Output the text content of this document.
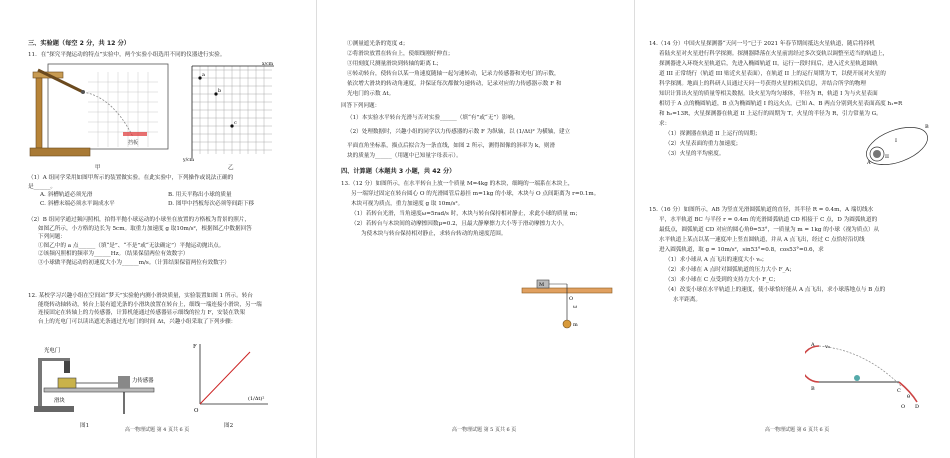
三、实验题（每空 2 分，共 12 分）
11．在“探究平抛运动的特点”实验中，两个实验小组选用不同的仪器进行实验。
挡板
甲
a
b
c
x/cm
y/cm
乙
（1）A 组同学采用如图甲所示的装置做实验。在此实验中，下列操作或说法正确的
是______。
A. 斜槽轨道必须光滑	B. 用天平称出小球的质量
C. 斜槽末端必须水平调成水平	D. 图甲中挡板每次必须等间距下移
（2）B 组同学通过频闪照相，拍得平抛小球运动的小球坐在放置的方格板为背景的照片，
如图乙所示，小方格的边长为 5cm。取重力加速度 g 取10m/s²，根据图乙中数据回答
下列问题：
①图乙中的 a 点______（填“是”、“不是”或“无法确定”）平抛运动抛出点。
②该频闪照相的频率为______Hz。（结果保留两位有效数字）
③小球做平抛运动的初速度大小为______m/s。（计算结果保留两位有效数字）
12. 某校学习兴趣小组在空间站“梦天”实验舱内测小滑块质量，实验装置如图 1 所示。转台
能绕转动轴转动，转台上装有遮光条的小滑块放置在转台上，细线一端连接小滑块，另一端
连接固定在转轴上的力传感器，计算机能通过传感器显示细线的拉力 F，安装在铁架
台上的光电门可以读出遮光条通过光电门的时间 Δt，兴趣小组采取了下列步骤：
光电门
滑块
力传感器
图1
F
O
(1/Δt)²
图2
高一物理试题 第 4 页共 6 页
①测量遮光条的宽度 d；
②将滑块放置在转台上，使细线刚好伸直；
③用刻度尺测量滑块到转轴的距离 L；
④转动转台，使转台以某一角速度随轴一起匀速转动，记录力传感器和光电门的示数，
依次增大滑块的转动角速度，并保证每次都做匀速转动，记录对应的力传感器示数 F 和
光电门的示数 Δt。
回答下列问题：
（1）本实验水平转台光滑与否对实验______（填“有”或“无”）影响。
（2）处理数据时，兴趣小组的同学以力传感器的示数 F 为纵轴，以 (1/Δt)² 为横轴，建立
平面直角坐标系，描点后拟合为一条直线，如图 2 所示，测得图像的斜率为 k，则滑
块的质量为______（用题中已知量字母表示）。
四、计算题（本题共 3 小题，共 42 分）
13.（12 分）如图所示，在水平转台上放一个质量 M=4kg 的木块，细绳的一端系在木块上，
另一端穿过固定在转台圆心 O 的光滑圆管后悬挂 m=1kg 的小球，木块与 O 点间距离为 r=0.1m。
木块可视为质点，重力加速度 g 取 10m/s²。
（1）若转台光滑，当角速度ω=5rad/s 时，木块与转台保持相对静止，求此小球的质量 m；
（2）若转台与木块间的动摩擦因数μ=0.2，且最大静摩擦力大小等于滑动摩擦力大小，
为使木块与转台保持相对静止，求转台转动的角速度范围。
M
O
ω
m
高一物理试题 第 5 页共 6 页
14.（14 分）中国火星探测器“天问一号”已于 2021 年春节期间抵达火星轨道，随后将择机
着陆火星对火星进行科学探测。探测器降落在火星前需经过多次变轨以调整至适当的轨道上，
探测器进入环绕火星轨道后，先进入椭圆轨道 II，运行一段时间后，进入近火星轨道圆轨
道 III 正常绕行（轨道 III 贴近火星表面），在轨道 II 上的运行周期为 T，以便开展对火星的
科学探测。地面上的科研人员通过天问一号获得火星的相关信息，并结合所学的物理
知识计算出火星的质量等相关数据。设火星为均匀球体，半径为 R，轨道 I 为与火星表面
相切于 A 点的椭圆轨道，B 点为椭圆轨道 I 的远火点，已知 A、B 两点分别到火星表面高度 h₁=R
和 h₂=13R，火星探测器在轨道 II 上运行的周期为 T，火星的半径为 R，引力常量为 G。
求：
（1）探测器在轨道 II 上运行的周期；
（2）火星表面的重力加速度；
（3）火星的平均密度。
A
B
I
II
15.（16 分）如图所示，AB 为竖直光滑圆弧轨道的直径，其半径 R = 0.4m，A 端切线水
平，水平轨道 BC 与半径 r = 0.4m 的光滑圆弧轨道 CD 相接于 C 点，D 为圆弧轨道的
最低点，圆弧轨道 CD 对应的圆心角θ=53°，一质量为 m = 1kg 的小球（视为质点）从
水平轨道上某点以某一速度冲上竖直圆轨道，并从 A 点飞出，经过 C 点恰好沿切线
进入圆弧轨道，取 g = 10m/s²，sin53°=0.8，cos53°=0.6，求
（1）求小球从 A 点飞出的速度大小 v₀；
（2）求小球在 A 点时对圆弧轨道的压力大小 F_A；
（3）求小球在 C 点受到的支持力大小 F_C；
（4）改变小球在水平轨道上的速度，使小球恰好能从 A 点飞出，求小球落地点与 B 点的
水平距离。
A v₀
B	C
D
O
θ
高一物理试题 第 6 页共 6 页
